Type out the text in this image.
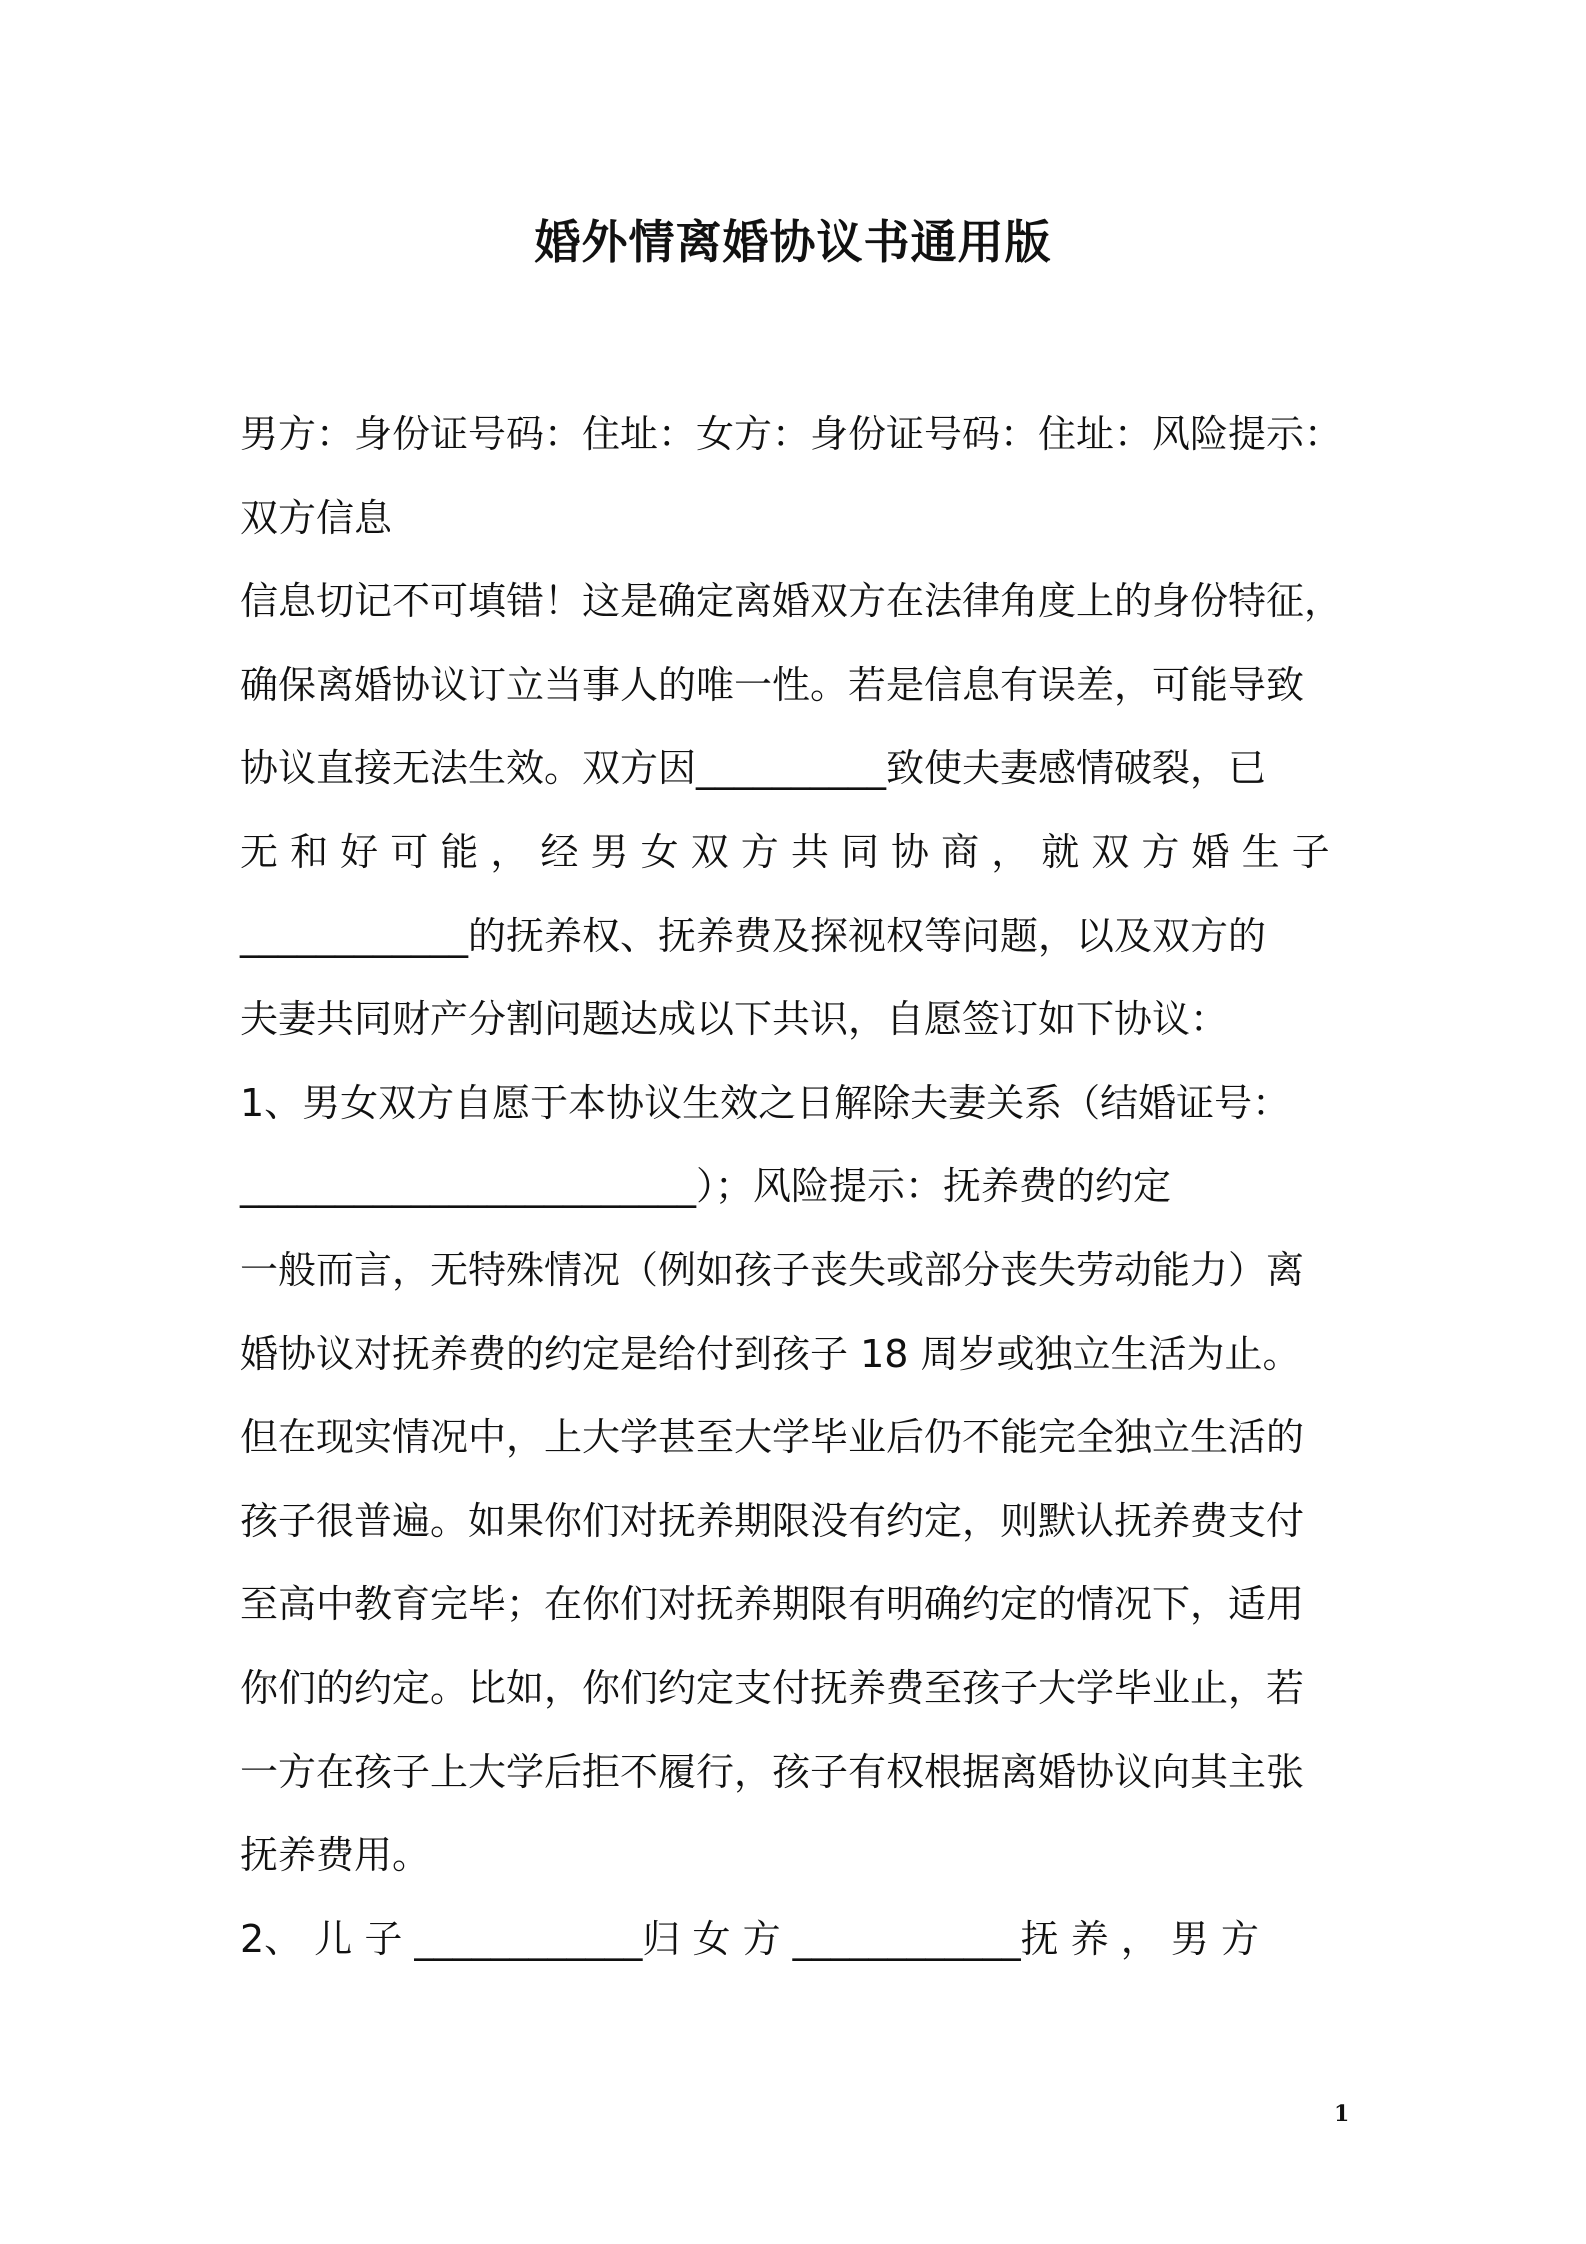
婚外情离婚协议书通用版
男方：身份证号码：住址：女方：身份证号码：住址：风险提示：
双方信息
信息切记不可填错！这是确定离婚双方在法律角度上的身份特征，
确保离婚协议订立当事人的唯一性。若是信息有误差，可能导致
协议直接无法生效。双方因__________致使夫妻感情破裂，已
无 和 好 可 能 ， 经 男 女 双 方 共 同 协 商 ， 就 双 方 婚 生 子
____________的抚养权、抚养费及探视权等问题，以及双方的
夫妻共同财产分割问题达成以下共识，自愿签订如下协议：
1、男女双方自愿于本协议生效之日解除夫妻关系（结婚证号：
________________________）；风险提示：抚养费的约定
一般而言，无特殊情况（例如孩子丧失或部分丧失劳动能力）离
婚协议对抚养费的约定是给付到孩子 18 周岁或独立生活为止。
但在现实情况中，上大学甚至大学毕业后仍不能完全独立生活的
孩子很普遍。如果你们对抚养期限没有约定，则默认抚养费支付
至高中教育完毕；在你们对抚养期限有明确约定的情况下，适用
你们的约定。比如，你们约定支付抚养费至孩子大学毕业止，若
一方在孩子上大学后拒不履行，孩子有权根据离婚协议向其主张
抚养费用。
2、 儿 子 ____________归 女 方 ____________抚 养 ， 男 方
1
